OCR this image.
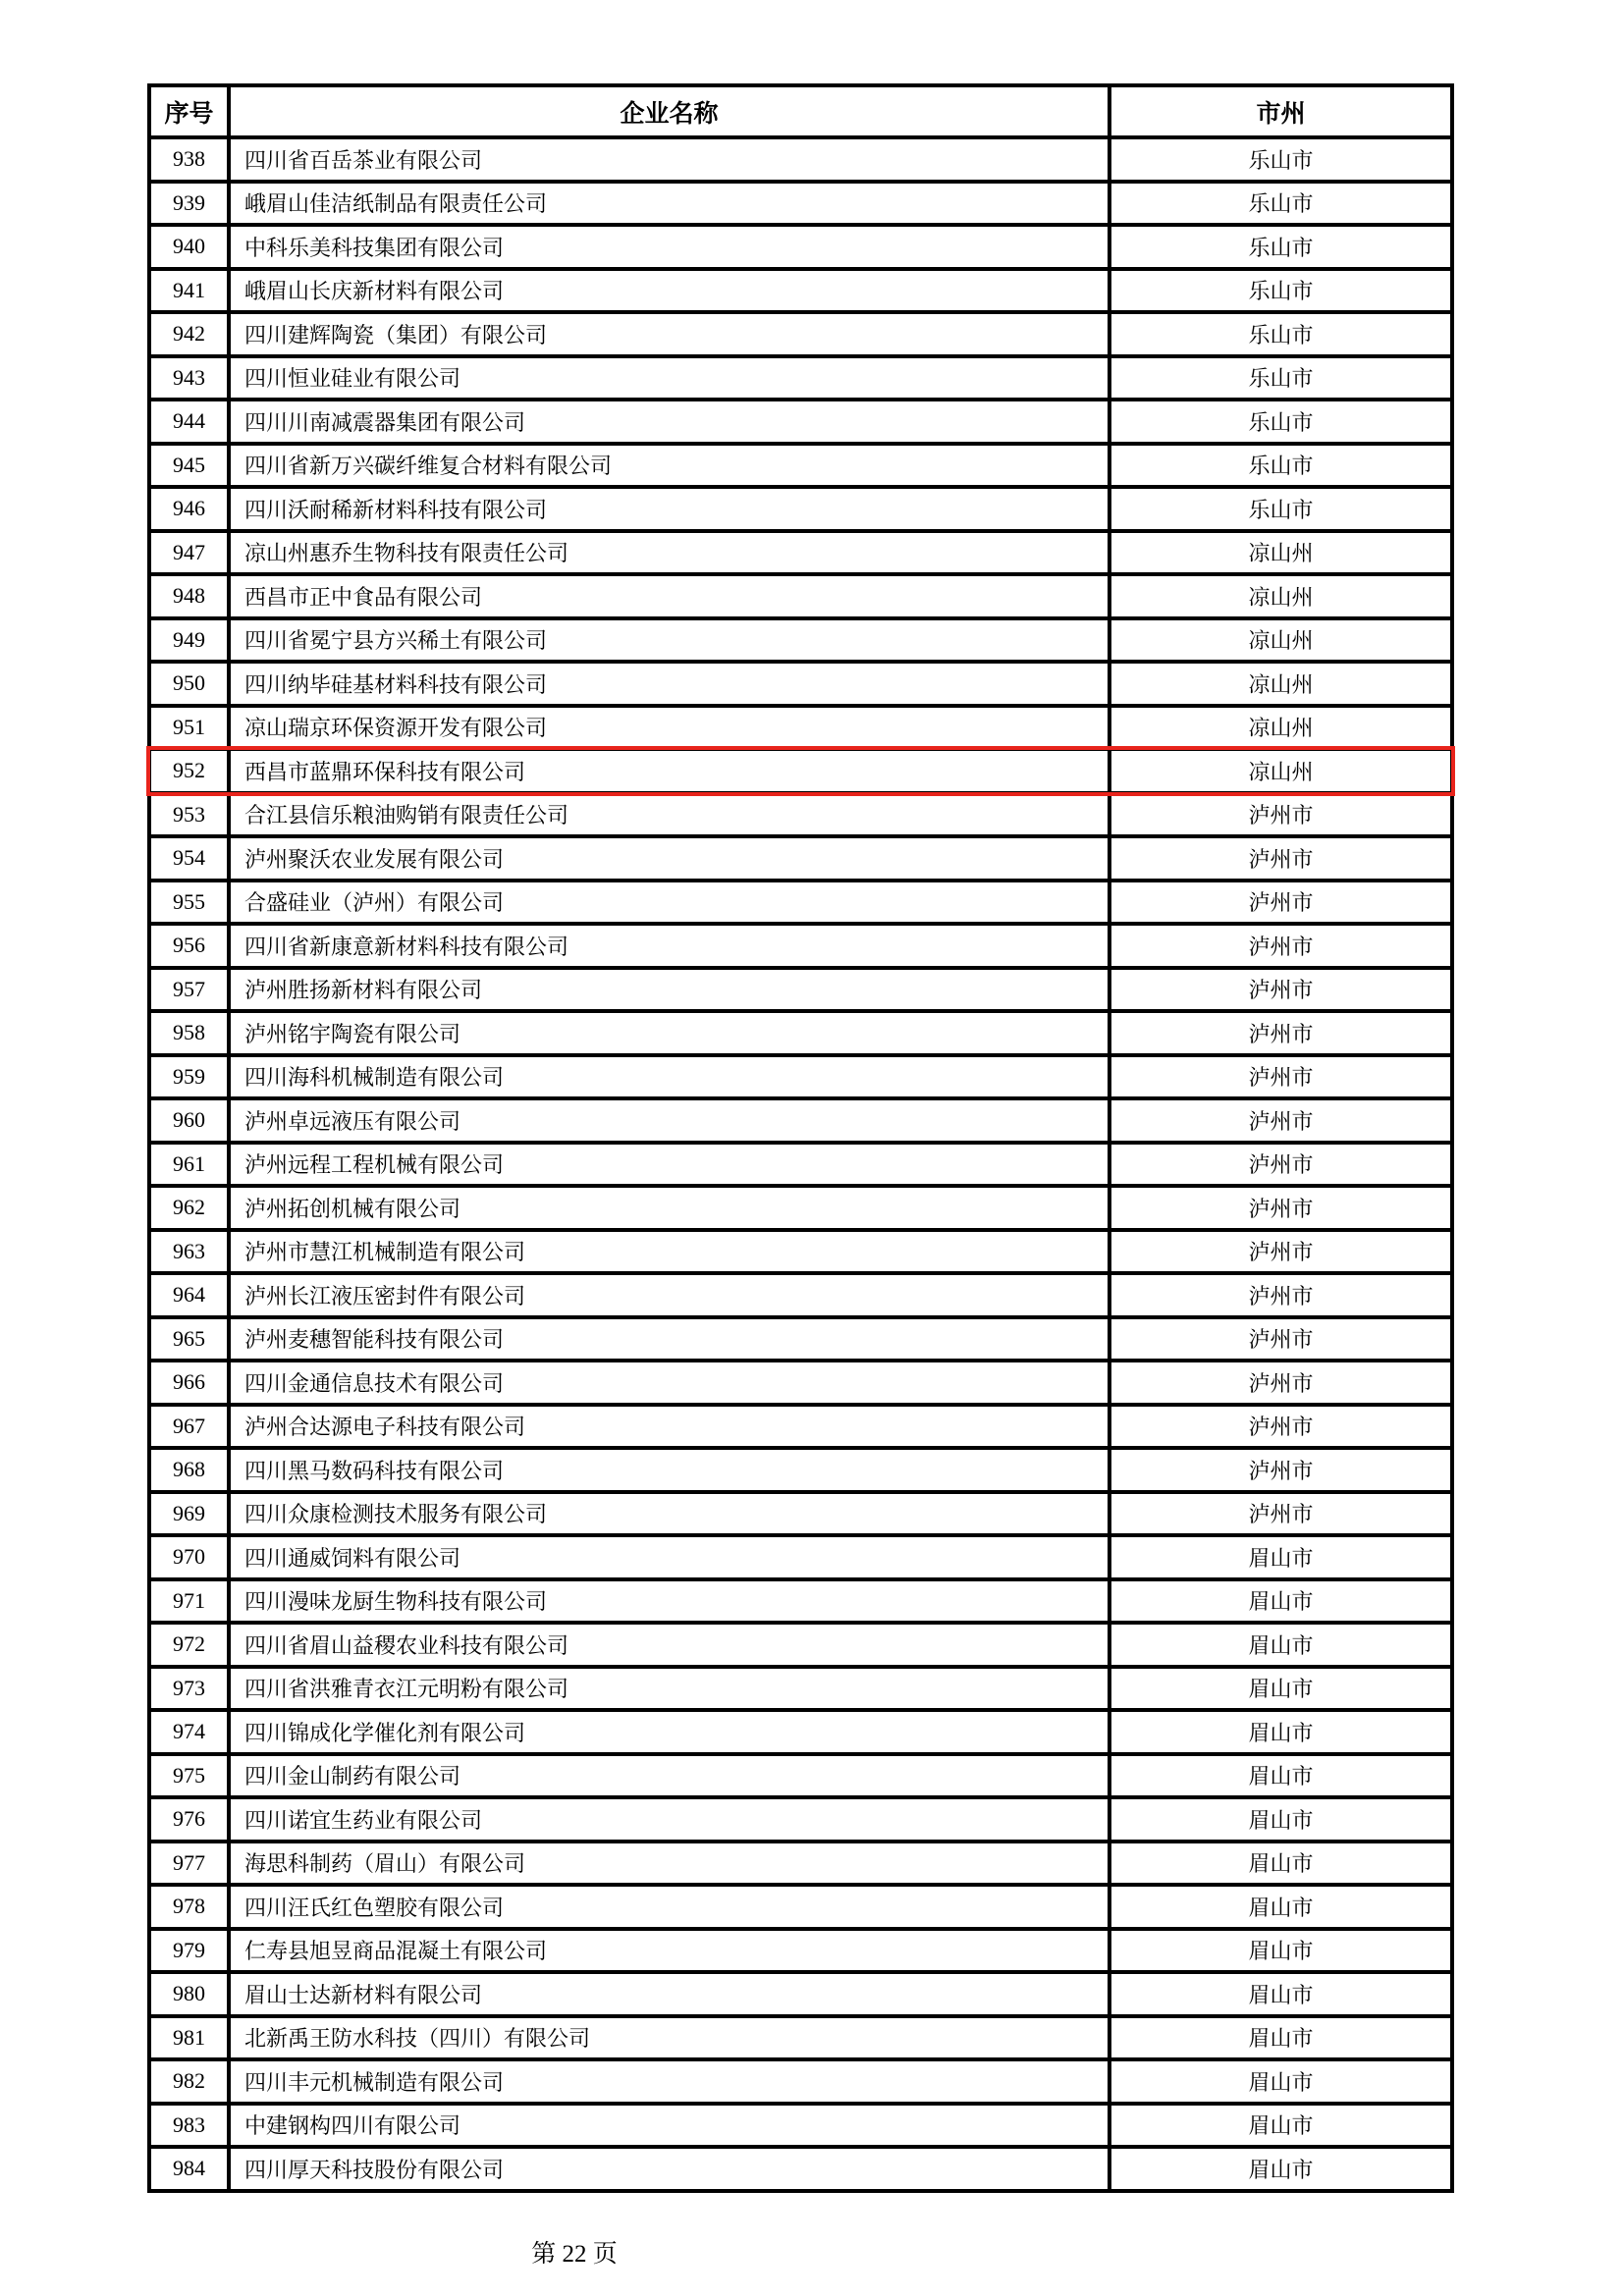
序号	企业名称	市州
938	四川省百岳茶业有限公司	乐山市
939	峨眉山佳洁纸制品有限责任公司	乐山市
940	中科乐美科技集团有限公司	乐山市
941	峨眉山长庆新材料有限公司	乐山市
942	四川建辉陶瓷（集团）有限公司	乐山市
943	四川恒业硅业有限公司	乐山市
944	四川川南减震器集团有限公司	乐山市
945	四川省新万兴碳纤维复合材料有限公司	乐山市
946	四川沃耐稀新材料科技有限公司	乐山市
947	凉山州惠乔生物科技有限责任公司	凉山州
948	西昌市正中食品有限公司	凉山州
949	四川省冕宁县方兴稀土有限公司	凉山州
950	四川纳毕硅基材料科技有限公司	凉山州
951	凉山瑞京环保资源开发有限公司	凉山州
952	西昌市蓝鼎环保科技有限公司	凉山州
953	合江县信乐粮油购销有限责任公司	泸州市
954	泸州聚沃农业发展有限公司	泸州市
955	合盛硅业（泸州）有限公司	泸州市
956	四川省新康意新材料科技有限公司	泸州市
957	泸州胜扬新材料有限公司	泸州市
958	泸州铭宇陶瓷有限公司	泸州市
959	四川海科机械制造有限公司	泸州市
960	泸州卓远液压有限公司	泸州市
961	泸州远程工程机械有限公司	泸州市
962	泸州拓创机械有限公司	泸州市
963	泸州市慧江机械制造有限公司	泸州市
964	泸州长江液压密封件有限公司	泸州市
965	泸州麦穗智能科技有限公司	泸州市
966	四川金通信息技术有限公司	泸州市
967	泸州合达源电子科技有限公司	泸州市
968	四川黑马数码科技有限公司	泸州市
969	四川众康检测技术服务有限公司	泸州市
970	四川通威饲料有限公司	眉山市
971	四川漫味龙厨生物科技有限公司	眉山市
972	四川省眉山益稷农业科技有限公司	眉山市
973	四川省洪雅青衣江元明粉有限公司	眉山市
974	四川锦成化学催化剂有限公司	眉山市
975	四川金山制药有限公司	眉山市
976	四川诺宜生药业有限公司	眉山市
977	海思科制药（眉山）有限公司	眉山市
978	四川汪氏红色塑胶有限公司	眉山市
979	仁寿县旭昱商品混凝土有限公司	眉山市
980	眉山士达新材料有限公司	眉山市
981	北新禹王防水科技（四川）有限公司	眉山市
982	四川丰元机械制造有限公司	眉山市
983	中建钢构四川有限公司	眉山市
984	四川厚天科技股份有限公司	眉山市
第 22 页
